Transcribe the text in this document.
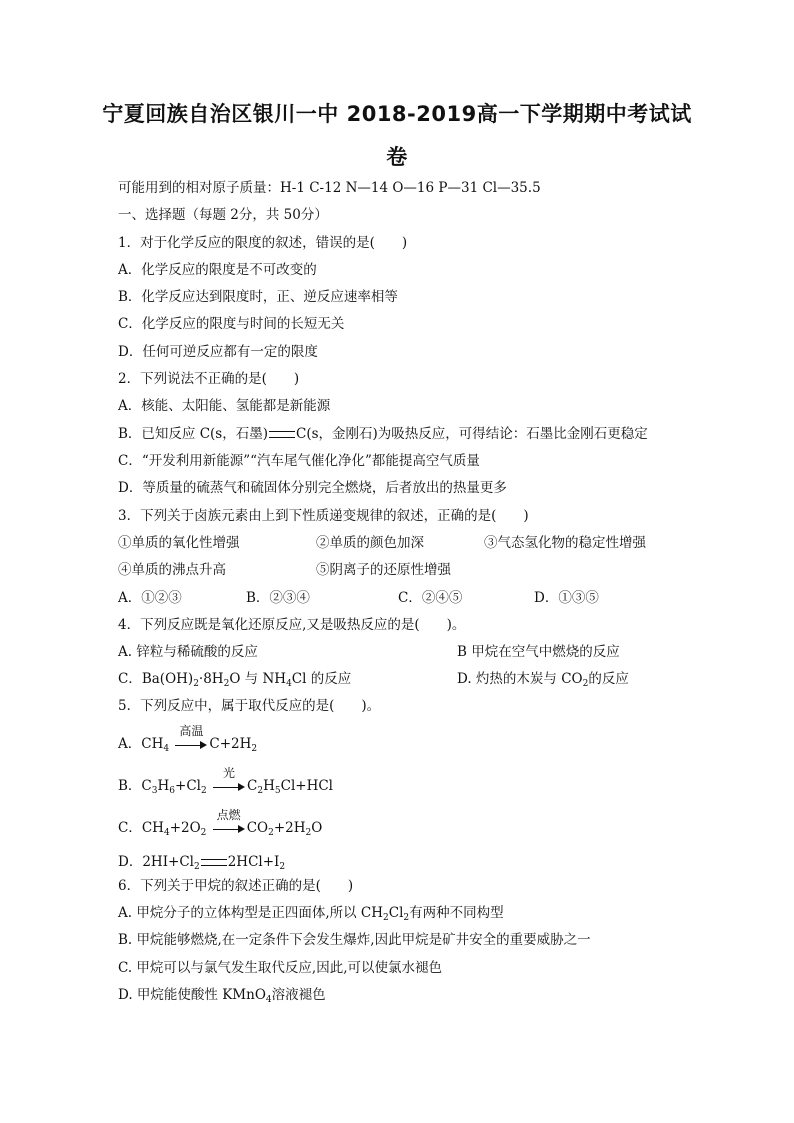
宁夏回族自治区银川一中 2018-2019高一下学期期中考试试
卷
可能用到的相对原子质量：H-1 C-12 N—14 O—16 P—31 Cl—35.5
一、选择题（每题 2分，共 50分）
1．对于化学反应的限度的叙述，错误的是(　　)
A．化学反应的限度是不可改变的
B．化学反应达到限度时，正、逆反应速率相等
C．化学反应的限度与时间的长短无关
D．任何可逆反应都有一定的限度
2．下列说法不正确的是(　　)
A．核能、太阳能、氢能都是新能源
B．已知反应 C(s，石墨) C(s，金刚石)为吸热反应，可得结论：石墨比金刚石更稳定
C．“开发利用新能源”“汽车尾气催化净化”都能提高空气质量
D．等质量的硫蒸气和硫固体分别完全燃烧，后者放出的热量更多
3．下列关于卤族元素由上到下性质递变规律的叙述，正确的是(　　)
①单质的氧化性增强	②单质的颜色加深	③气态氢化物的稳定性增强
④单质的沸点升高	⑤阴离子的还原性增强
A．①②③	B．②③④	C．②④⑤	D．①③⑤
4．下列反应既是氧化还原反应,又是吸热反应的是(　　)。
A. 锌粒与稀硫酸的反应	B 甲烷在空气中燃烧的反应
C．$Ba(OH)_2\cdot 8H_2O$ 与 $NH_4Cl$ 的反应	D. 灼热的木炭与 $CO_2$的反应
5．下列反应中，属于取代反应的是(　　)。
A．$CH_4$
高温
$C+2H_2$
B．$C_3H_6+Cl_2$
光
$C_2H_5Cl+HCl$
C．$CH_4+2O_2$
点燃
$CO_2+2H_2O$
D．$2HI+Cl_2$ $2HCl+I_2$
6．下列关于甲烷的叙述正确的是(　　)
A. 甲烷分子的立体构型是正四面体,所以 $CH_2Cl_2$有两种不同构型
B. 甲烷能够燃烧,在一定条件下会发生爆炸,因此甲烷是矿井安全的重要威胁之一
C. 甲烷可以与氯气发生取代反应,因此,可以使氯水褪色
D. 甲烷能使酸性 KMnO$_4$溶液褪色
